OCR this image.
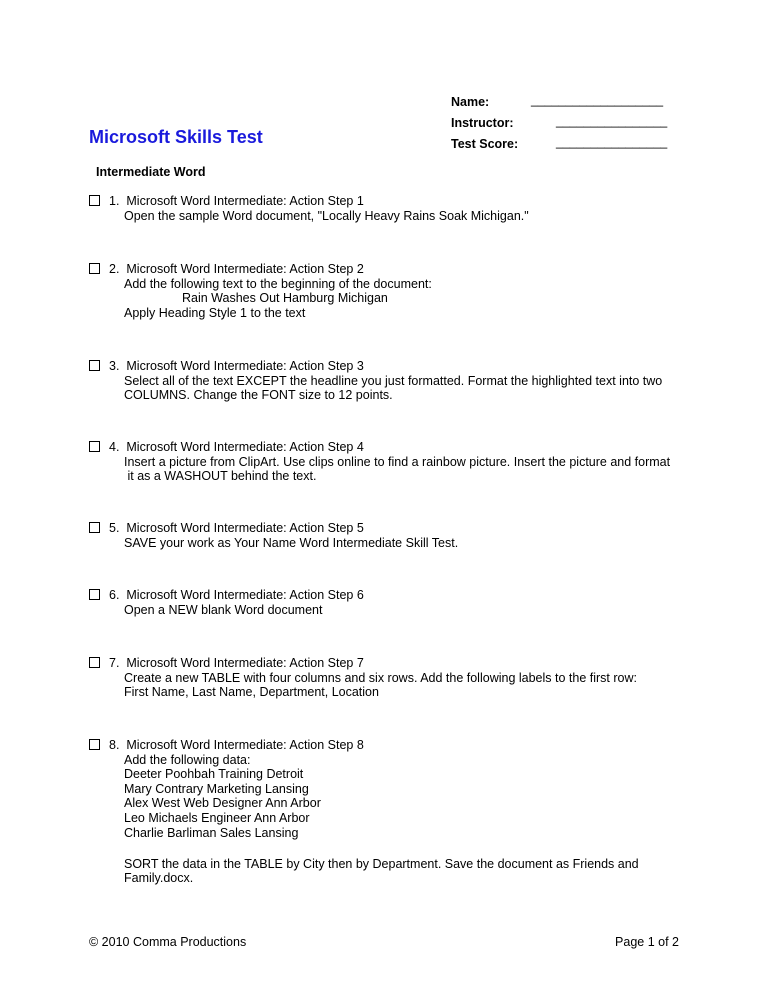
Microsoft Skills Test
Name:	___________________
Instructor:	________________
Test Score:	________________
Intermediate Word
1.
Microsoft Word Intermediate: Action Step 1
Open the sample Word document, "Locally Heavy Rains Soak Michigan."
2.
Microsoft Word Intermediate: Action Step 2
Add the following text to the beginning of the document:
Rain Washes Out Hamburg Michigan
Apply Heading Style 1 to the text
3.
Microsoft Word Intermediate: Action Step 3
Select all of the text EXCEPT the headline you just formatted. Format the highlighted text into two
COLUMNS. Change the FONT size to 12 points.
4.
Microsoft Word Intermediate: Action Step 4
Insert a picture from ClipArt. Use clips online to find a rainbow picture. Insert the picture and format
it as a WASHOUT behind the text.
5.
Microsoft Word Intermediate: Action Step 5
SAVE your work as Your Name Word Intermediate Skill Test.
6.
Microsoft Word Intermediate: Action Step 6
Open a NEW blank Word document
7.
Microsoft Word Intermediate: Action Step 7
Create a new TABLE with four columns and six rows. Add the following labels to the first row:
First Name, Last Name, Department, Location
8.
Microsoft Word Intermediate: Action Step 8
Add the following data:
Deeter Poohbah Training Detroit
Mary Contrary Marketing Lansing
Alex West Web Designer Ann Arbor
Leo Michaels Engineer Ann Arbor
Charlie Barliman Sales Lansing
SORT the data in the TABLE by City then by Department. Save the document as Friends and
Family.docx.
© 2010 Comma Productions	Page 1 of 2
